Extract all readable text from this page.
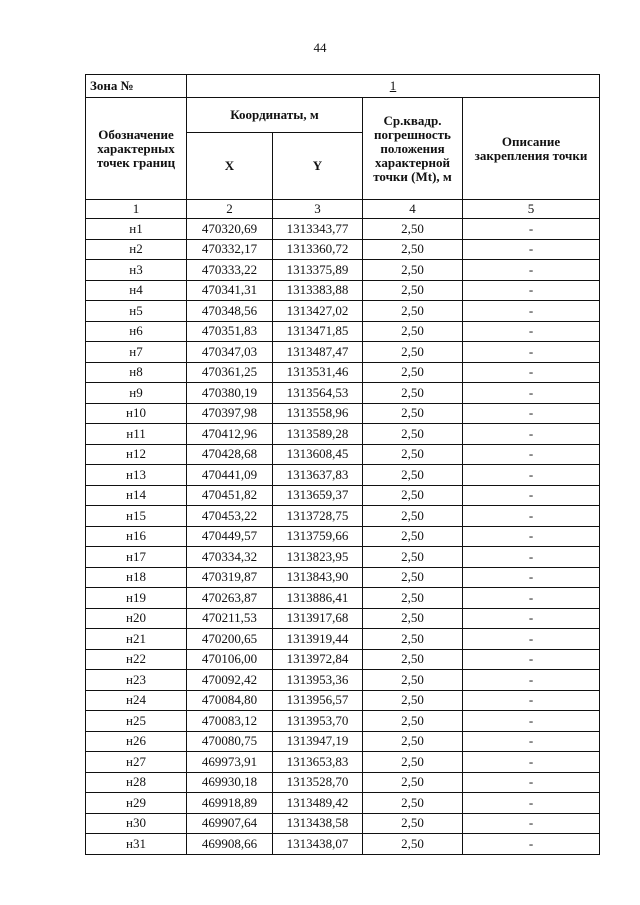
44
Зона №	1			
Обозначение характерных точек границ	Координаты, м		Ср.квадр. погрешность положения характерной точки (Mt), м	Описание закрепления точки
	X	Y		
1	2	3	4	5
н1	470320,69	1313343,77	2,50	-
н2	470332,17	1313360,72	2,50	-
н3	470333,22	1313375,89	2,50	-
н4	470341,31	1313383,88	2,50	-
н5	470348,56	1313427,02	2,50	-
н6	470351,83	1313471,85	2,50	-
н7	470347,03	1313487,47	2,50	-
н8	470361,25	1313531,46	2,50	-
н9	470380,19	1313564,53	2,50	-
н10	470397,98	1313558,96	2,50	-
н11	470412,96	1313589,28	2,50	-
н12	470428,68	1313608,45	2,50	-
н13	470441,09	1313637,83	2,50	-
н14	470451,82	1313659,37	2,50	-
н15	470453,22	1313728,75	2,50	-
н16	470449,57	1313759,66	2,50	-
н17	470334,32	1313823,95	2,50	-
н18	470319,87	1313843,90	2,50	-
н19	470263,87	1313886,41	2,50	-
н20	470211,53	1313917,68	2,50	-
н21	470200,65	1313919,44	2,50	-
н22	470106,00	1313972,84	2,50	-
н23	470092,42	1313953,36	2,50	-
н24	470084,80	1313956,57	2,50	-
н25	470083,12	1313953,70	2,50	-
н26	470080,75	1313947,19	2,50	-
н27	469973,91	1313653,83	2,50	-
н28	469930,18	1313528,70	2,50	-
н29	469918,89	1313489,42	2,50	-
н30	469907,64	1313438,58	2,50	-
н31	469908,66	1313438,07	2,50	-
